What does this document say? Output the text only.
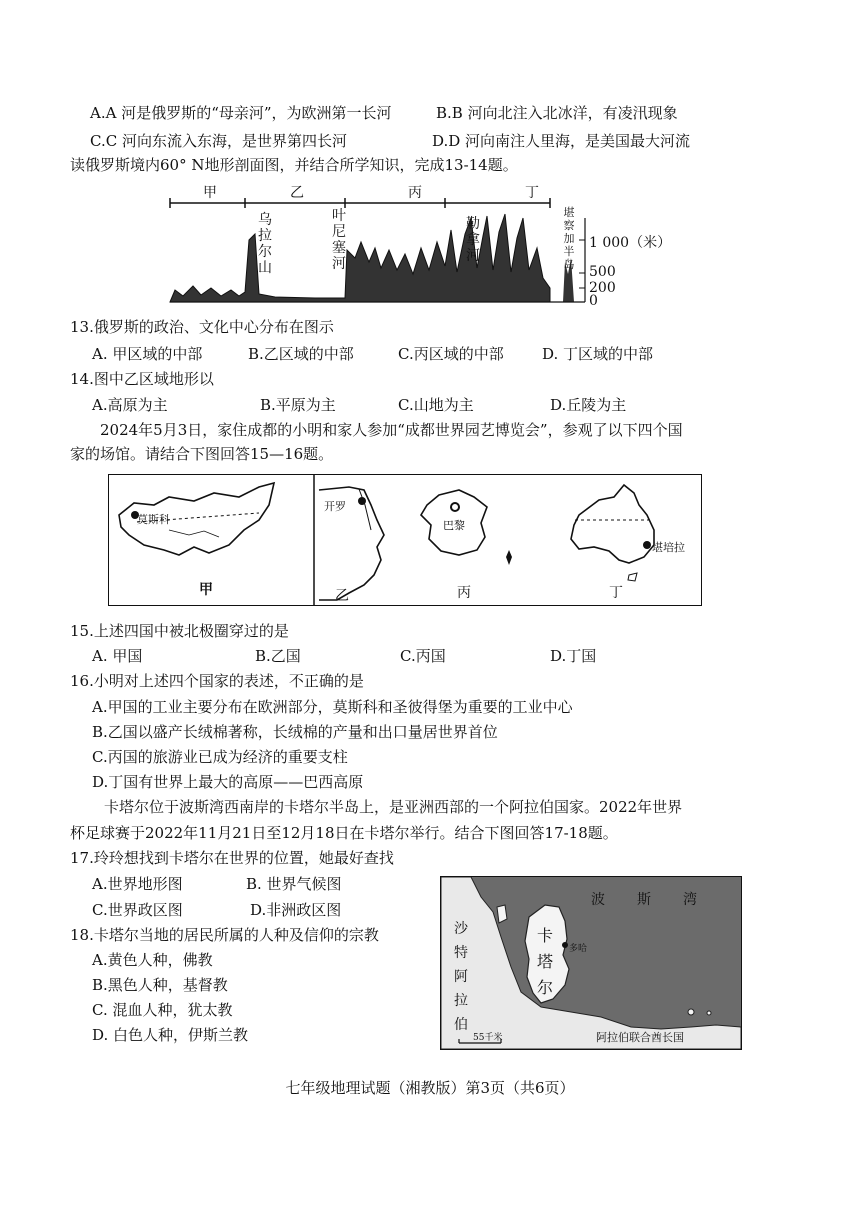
A.A 河是俄罗斯的“母亲河”，为欧洲第一长河	B.B 河向北注入北冰洋，有凌汛现象
C.C 河向东流入东海，是世界第四长河	D.D 河向南注人里海，是美国最大河流
读俄罗斯境内60° N地形剖面图，并结合所学知识，完成13-14题。
甲	乙	丙	丁
乌拉尔山
叶尼塞河
勒拿河
堪察加半岛
1 000（米）
500
200
0
13.俄罗斯的政治、文化中心分布在图示
A. 甲区域的中部	B.乙区域的中部	C.丙区域的中部	D. 丁区域的中部
14.图中乙区域地形以
A.高原为主	B.平原为主	C.山地为主	D.丘陵为主
2024年5月3日，家住成都的小明和家人参加“成都世界园艺博览会”，参观了以下四个国
家的场馆。请结合下图回答15—16题。
莫斯科
甲
开罗
乙
巴黎
丙
堪培拉
丁
15.上述四国中被北极圈穿过的是
A. 甲国	B.乙国	C.丙国	D.丁国
16.小明对上述四个国家的表述，不正确的是
A.甲国的工业主要分布在欧洲部分，莫斯科和圣彼得堡为重要的工业中心
B.乙国以盛产长绒棉著称，长绒棉的产量和出口量居世界首位
C.丙国的旅游业已成为经济的重要支柱
D.丁国有世界上最大的高原——巴西高原
卡塔尔位于波斯湾西南岸的卡塔尔半岛上，是亚洲西部的一个阿拉伯国家。2022年世界
杯足球赛于2022年11月21日至12月18日在卡塔尔举行。结合下图回答17-18题。
17.玲玲想找到卡塔尔在世界的位置，她最好查找
A.世界地形图	B. 世界气候图
C.世界政区图	D.非洲政区图
18.卡塔尔当地的居民所属的人种及信仰的宗教
A.黄色人种，佛教
B.黑色人种，基督教
C. 混血人种，犹太教
D. 白色人种，伊斯兰教
波斯湾
沙特阿拉伯
卡塔尔
多哈
阿拉伯联合酋长国
55千米
七年级地理试题（湘教版）第3页（共6页）
